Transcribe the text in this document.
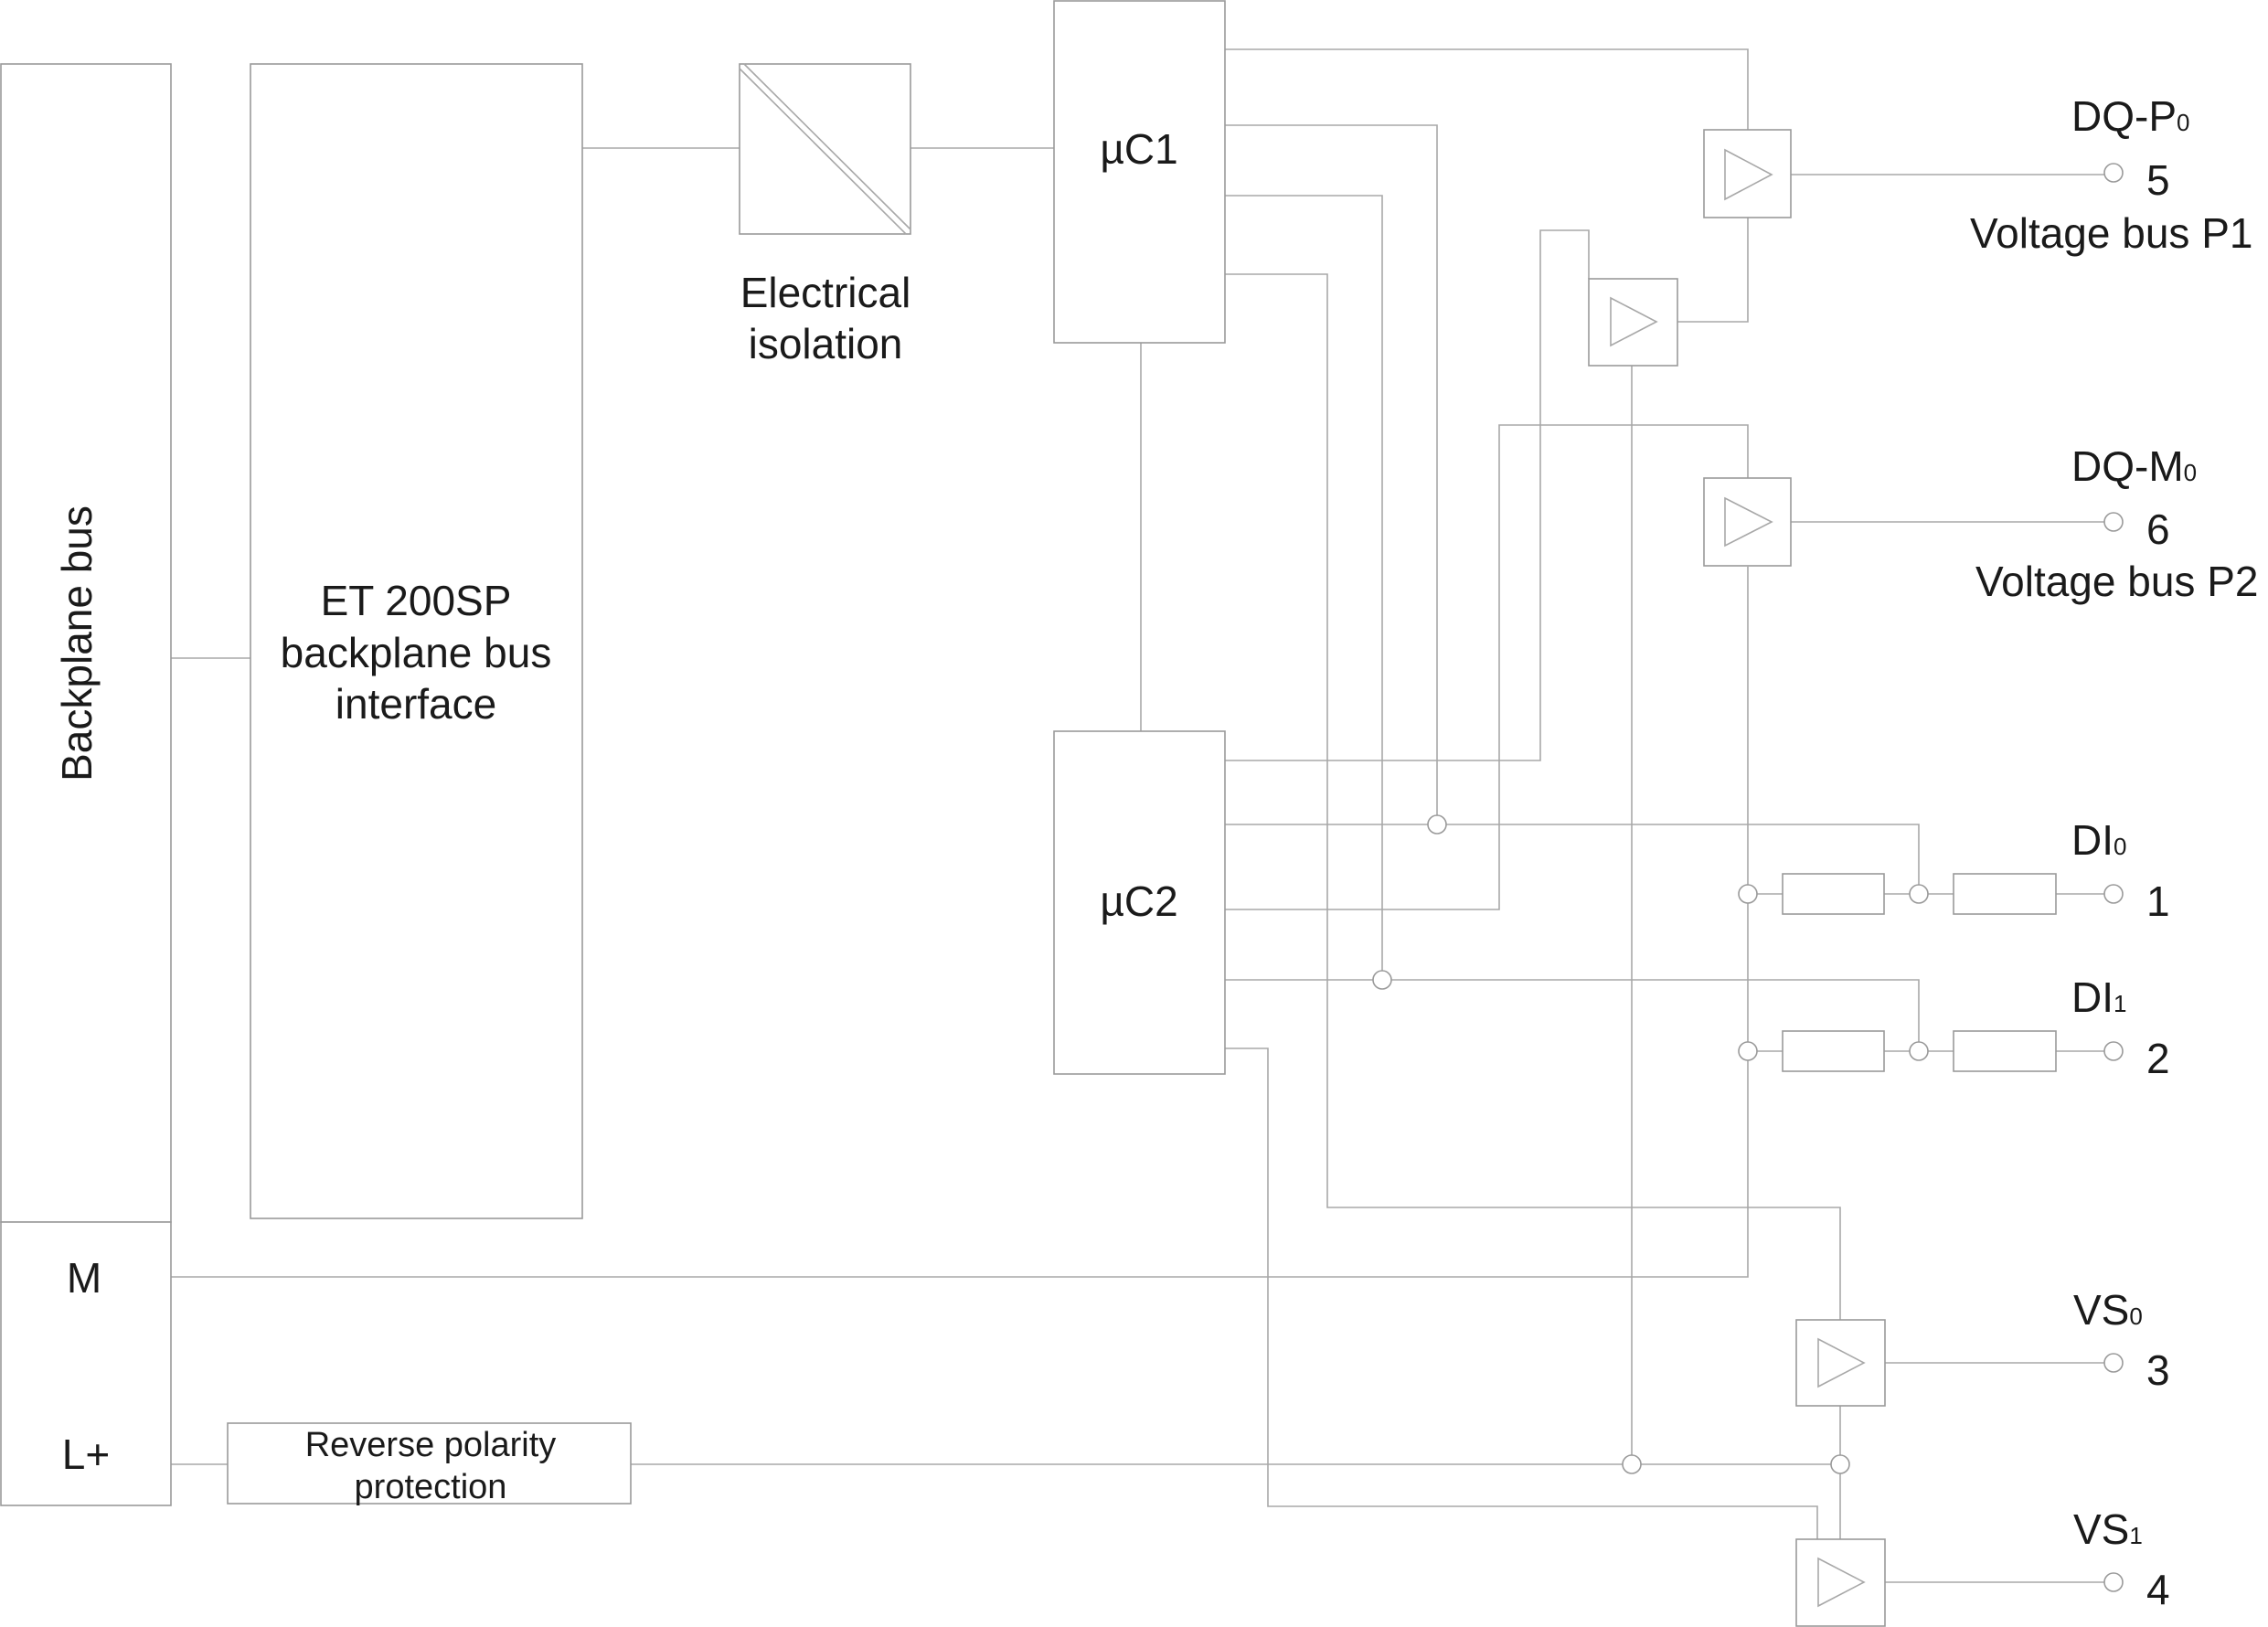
Backplane bus
M
L+
ET 200SP
backplane bus
interface
Electrical
isolation
µC1
µC2
Reverse polarity
protection
DQ-P0
5
Voltage bus P1
DQ-M0
6
Voltage bus P2
DI0
1
DI1
2
VS0
3
VS1
4
